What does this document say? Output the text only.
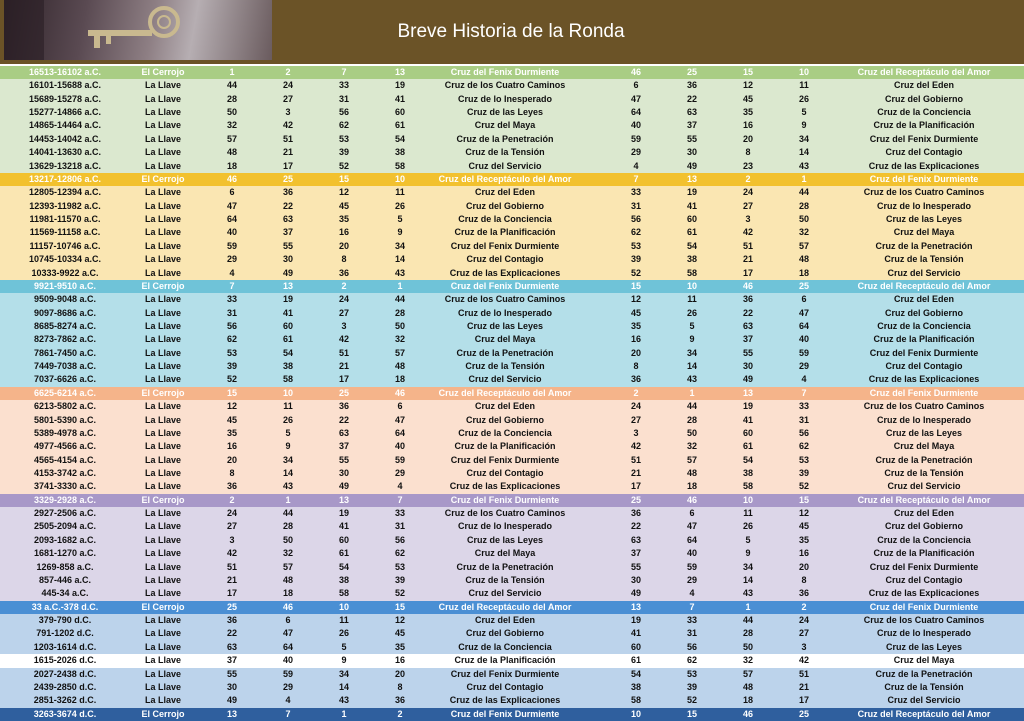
Breve Historia de la Ronda
16513-16102 a.C.	El Cerrojo	1	2	7	13	Cruz del Fenix Durmiente	46	25	15	10	Cruz del Receptáculo del Amor
16101-15688 a.C.	La Llave	44	24	33	19	Cruz de los Cuatro Caminos	6	36	12	11	Cruz del Eden
15689-15278 a.C.	La Llave	28	27	31	41	Cruz de lo Inesperado	47	22	45	26	Cruz del Gobierno
15277-14866 a.C.	La Llave	50	3	56	60	Cruz de las Leyes	64	63	35	5	Cruz de la Conciencia
14865-14464 a.C.	La Llave	32	42	62	61	Cruz del Maya	40	37	16	9	Cruz de la Planificación
14453-14042 a.C.	La Llave	57	51	53	54	Cruz de la Penetración	59	55	20	34	Cruz del Fenix Durmiente
14041-13630 a.C.	La Llave	48	21	39	38	Cruz de la Tensión	29	30	8	14	Cruz del Contagio
13629-13218 a.C.	La Llave	18	17	52	58	Cruz del Servicio	4	49	23	43	Cruz de las Explicaciones
13217-12806 a.C.	El Cerrojo	46	25	15	10	Cruz del Receptáculo del Amor	7	13	2	1	Cruz del Fenix Durmiente
12805-12394 a.C.	La Llave	6	36	12	11	Cruz del Eden	33	19	24	44	Cruz de los Cuatro Caminos
12393-11982 a.C.	La Llave	47	22	45	26	Cruz del Gobierno	31	41	27	28	Cruz de lo Inesperado
11981-11570 a.C.	La Llave	64	63	35	5	Cruz de la Conciencia	56	60	3	50	Cruz de las Leyes
11569-11158 a.C.	La Llave	40	37	16	9	Cruz de la Planificación	62	61	42	32	Cruz del Maya
11157-10746 a.C.	La Llave	59	55	20	34	Cruz del Fenix Durmiente	53	54	51	57	Cruz de la Penetración
10745-10334 a.C.	La Llave	29	30	8	14	Cruz del Contagio	39	38	21	48	Cruz de la Tensión
10333-9922 a.C.	La Llave	4	49	36	43	Cruz de las Explicaciones	52	58	17	18	Cruz del Servicio
9921-9510 a.C.	El Cerrojo	7	13	2	1	Cruz del Fenix Durmiente	15	10	46	25	Cruz del Receptáculo del Amor
9509-9048 a.C.	La Llave	33	19	24	44	Cruz de los Cuatro Caminos	12	11	36	6	Cruz del Eden
9097-8686 a.C.	La Llave	31	41	27	28	Cruz de lo Inesperado	45	26	22	47	Cruz del Gobierno
8685-8274 a.C.	La Llave	56	60	3	50	Cruz de las Leyes	35	5	63	64	Cruz de la Conciencia
8273-7862 a.C.	La Llave	62	61	42	32	Cruz del Maya	16	9	37	40	Cruz de la Planificación
7861-7450 a.C.	La Llave	53	54	51	57	Cruz de la Penetración	20	34	55	59	Cruz del Fenix Durmiente
7449-7038 a.C.	La Llave	39	38	21	48	Cruz de la Tensión	8	14	30	29	Cruz del Contagio
7037-6626 a.C.	La Llave	52	58	17	18	Cruz del Servicio	36	43	49	4	Cruz de las Explicaciones
6625-6214 a.C.	El Cerrojo	15	10	25	46	Cruz del Receptáculo del Amor	2	1	13	7	Cruz del Fenix Durmiente
6213-5802 a.C.	La Llave	12	11	36	6	Cruz del Eden	24	44	19	33	Cruz de los Cuatro Caminos
5801-5390 a.C.	La Llave	45	26	22	47	Cruz del Gobierno	27	28	41	31	Cruz de lo Inesperado
5389-4978 a.C.	La Llave	35	5	63	64	Cruz de la Conciencia	3	50	60	56	Cruz de las Leyes
4977-4566 a.C.	La Llave	16	9	37	40	Cruz de la Planificación	42	32	61	62	Cruz del Maya
4565-4154 a.C.	La Llave	20	34	55	59	Cruz del Fenix Durmiente	51	57	54	53	Cruz de la Penetración
4153-3742 a.C.	La Llave	8	14	30	29	Cruz del Contagio	21	48	38	39	Cruz de la Tensión
3741-3330 a.C.	La Llave	36	43	49	4	Cruz de las Explicaciones	17	18	58	52	Cruz del Servicio
3329-2928 a.C.	El Cerrojo	2	1	13	7	Cruz del Fenix Durmiente	25	46	10	15	Cruz del Receptáculo del Amor
2927-2506 a.C.	La Llave	24	44	19	33	Cruz de los Cuatro Caminos	36	6	11	12	Cruz del Eden
2505-2094 a.C.	La Llave	27	28	41	31	Cruz de lo Inesperado	22	47	26	45	Cruz del Gobierno
2093-1682 a.C.	La Llave	3	50	60	56	Cruz de las Leyes	63	64	5	35	Cruz de la Conciencia
1681-1270 a.C.	La Llave	42	32	61	62	Cruz del Maya	37	40	9	16	Cruz de la Planificación
1269-858 a.C.	La Llave	51	57	54	53	Cruz de la Penetración	55	59	34	20	Cruz del Fenix Durmiente
857-446 a.C.	La Llave	21	48	38	39	Cruz de la Tensión	30	29	14	8	Cruz del Contagio
445-34 a.C.	La Llave	17	18	58	52	Cruz del Servicio	49	4	43	36	Cruz de las Explicaciones
33 a.C.-378 d.C.	El Cerrojo	25	46	10	15	Cruz del Receptáculo del Amor	13	7	1	2	Cruz del Fenix Durmiente
379-790 d.C.	La Llave	36	6	11	12	Cruz del Eden	19	33	44	24	Cruz de los Cuatro Caminos
791-1202 d.C.	La Llave	22	47	26	45	Cruz del Gobierno	41	31	28	27	Cruz de lo Inesperado
1203-1614 d.C.	La Llave	63	64	5	35	Cruz de la Conciencia	60	56	50	3	Cruz de las Leyes
1615-2026 d.C.	La Llave	37	40	9	16	Cruz de la Planificación	61	62	32	42	Cruz del Maya
2027-2438 d.C.	La Llave	55	59	34	20	Cruz del Fenix Durmiente	54	53	57	51	Cruz de la Penetración
2439-2850 d.C.	La Llave	30	29	14	8	Cruz del Contagio	38	39	48	21	Cruz de la Tensión
2851-3262 d.C.	La Llave	49	4	43	36	Cruz de las Explicaciones	58	52	18	17	Cruz del Servicio
3263-3674 d.C.	El Cerrojo	13	7	1	2	Cruz del Fenix Durmiente	10	15	46	25	Cruz del Receptáculo del Amor
